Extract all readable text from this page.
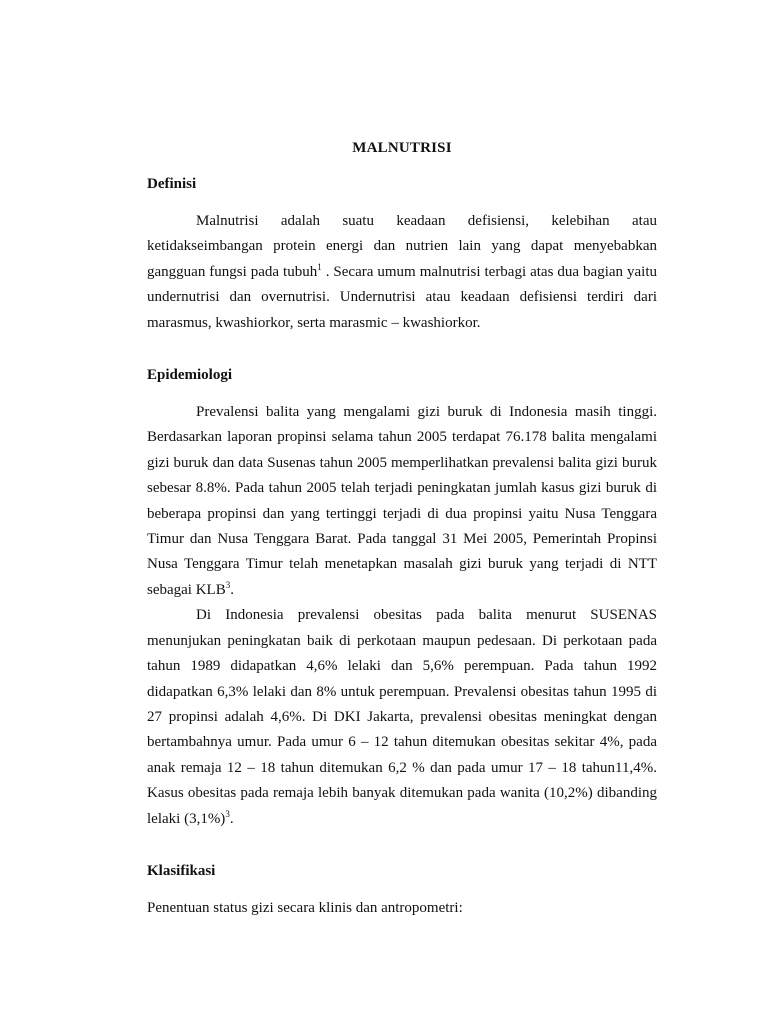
MALNUTRISI
Definisi

Malnutrisi adalah suatu keadaan defisiensi, kelebihan atau ketidakseimbangan protein energi dan nutrien lain yang dapat menyebabkan gangguan fungsi pada tubuh$^1$ . Secara umum malnutrisi terbagi atas dua bagian yaitu undernutrisi dan overnutrisi. Undernutrisi atau keadaan defisiensi terdiri dari marasmus, kwashiorkor, serta marasmic – kwashiorkor.

Epidemiologi

Prevalensi balita yang mengalami gizi buruk di Indonesia masih tinggi. Berdasarkan laporan propinsi selama tahun 2005 terdapat 76.178 balita mengalami gizi buruk dan data Susenas tahun 2005 memperlihatkan prevalensi balita gizi buruk sebesar 8.8%. Pada tahun 2005 telah terjadi peningkatan jumlah kasus gizi buruk di beberapa propinsi dan yang tertinggi terjadi di dua propinsi yaitu Nusa Tenggara Timur dan Nusa Tenggara Barat. Pada tanggal 31 Mei 2005, Pemerintah Propinsi Nusa Tenggara Timur telah menetapkan masalah gizi buruk yang terjadi di NTT sebagai KLB$^3$.

Di Indonesia prevalensi obesitas pada balita menurut SUSENAS menunjukan peningkatan baik di perkotaan maupun pedesaan. Di perkotaan pada tahun 1989 didapatkan 4,6% lelaki dan 5,6% perempuan. Pada tahun 1992 didapatkan 6,3% lelaki dan 8% untuk perempuan. Prevalensi obesitas tahun 1995 di 27 propinsi adalah 4,6%. Di DKI Jakarta, prevalensi obesitas meningkat dengan bertambahnya umur. Pada umur 6 – 12 tahun ditemukan obesitas sekitar 4%, pada anak remaja 12 – 18 tahun ditemukan 6,2 % dan pada umur 17 – 18 tahun11,4%. Kasus obesitas pada remaja lebih banyak ditemukan pada wanita (10,2%) dibanding lelaki $(3,1\%)^3$.

Klasifikasi

Penentuan status gizi secara klinis dan antropometri:
